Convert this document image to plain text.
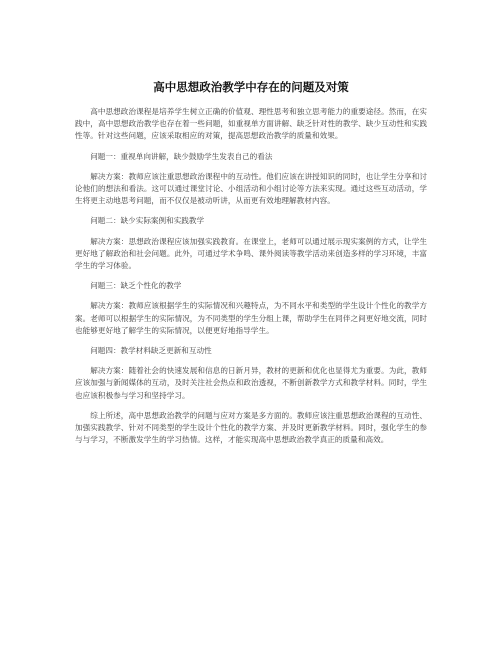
高中思想政治教学中存在的问题及对策

高中思想政治课程是培养学生树立正确的价值观、理性思考和独立思考能力的重要途径。然而，在实践中，高中思想政治教学也存在着一些问题，如重视单方面讲解、缺乏针对性的教学、缺少互动性和实践性等。针对这些问题，应该采取相应的对策，提高思想政治教学的质量和效果。

问题一：重视单向讲解，缺少鼓励学生发表自己的看法

解决方案：教师应该注重思想政治课程中的互动性。他们应该在讲授知识的同时，也让学生分享和讨论他们的想法和看法。这可以通过课堂讨论、小组活动和小组讨论等方法来实现。通过这些互动活动，学生将更主动地思考问题，而不仅仅是被动听讲，从而更有效地理解教材内容。

问题二：缺少实际案例和实践教学

解决方案：思想政治课程应该加强实践教育。在课堂上，老师可以通过展示现实案例的方式，让学生更好地了解政治和社会问题。此外，可通过学术争鸣、课外阅读等教学活动来创造多样的学习环境，丰富学生的学习体验。

问题三：缺乏个性化的教学

解决方案：教师应该根据学生的实际情况和兴趣特点，为不同水平和类型的学生设计个性化的教学方案。老师可以根据学生的实际情况，为不同类型的学生分组上课，帮助学生在同伴之间更好地交流，同时也能够更好地了解学生的实际情况，以便更好地指导学生。

问题四：教学材料缺乏更新和互动性

解决方案：随着社会的快速发展和信息的日新月异，教材的更新和优化也显得尤为重要。为此，教师应该加强与新闻媒体的互动，及时关注社会热点和政治透视，不断创新教学方式和教学材料。同时，学生也应该积极参与学习和坚持学习。

综上所述，高中思想政治教学的问题与应对方案是多方面的。教师应该注重思想政治课程的互动性、加强实践教学、针对不同类型的学生设计个性化的教学方案、并及时更新教学材料。同时，强化学生的参与与学习，不断激发学生的学习热情。这样，才能实现高中思想政治教学真正的质量和高效。
